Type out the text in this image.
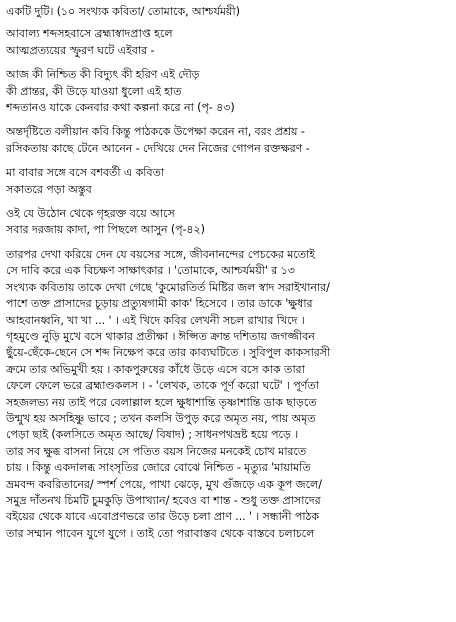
একটি দুটি। (১০ সংখ্যক কবিতা/ তোমাকে, আশ্চর্যময়ী)

আবাল্য শব্দসহবাসে ব্রহ্মাস্বাদপ্রাপ্ত হলে

আত্মপ্রত্যয়ের স্ফুরণ ঘটে এইবার -

আজ কী নিশ্চিত কী বিদ্যুৎ কী হরিণ এই দৌড়

কী প্রান্তর, কী উড়ে যাওয়া ধুলো এই হাত

শব্দতানও যাকে কেনবার কথা কল্পনা করে না (পৃ- ৪৩)

অন্তর্দৃষ্টিতে বলীয়ান কবি কিন্তু পাঠককে উপেক্ষা করেন না, বরং প্রশ্রয় -

রসিকতায় কাছে টেনে আনেন - দেখিয়ে দেন নিজের গোপন রক্তক্ষরণ -

মা বাবার সঙ্গে বসে বশবর্তী এ কবিতা

সকাতরে পড়া অস্তুব

ওই যে উঠোন থেকে গৃহরক্ত বয়ে আসে

সবার দরজায় কাদা, পা পিছলে আসুন (পৃ-৪২)

তারপর দেখা করিয়ে দেন যে বয়সের সঙ্গে, জীবনানন্দের পেচকের মতোই

সে দাবি করে এক বিচক্ষণ সাক্ষাৎকার । 'তোমাকে, আশ্চর্যময়ী' র ১৩

সংখ্যক কবিতায় তাকে দেখা গেছে 'কুমোরতির্ত মিষ্টির জল স্বাদ সরাইখানার/

পাশে তক্ত প্রাসাদের চূড়ায় প্রত্যুষগামী কাক' হিসেবে । তার ডাকে 'ক্ষুধার

আহবানধ্বনি, খা খা ... ' । এই খিদে কবির লেখনী সচল রাখার খিদে ।

গৃহমুণ্ডে নুড়ি মুখে বসে থাকার প্রতীক্ষা । ঈপ্সিত ক্রান্ত দশিতায় জগজ্জীবন

ছুঁয়ে-ছেঁকে-ছেনে সে শব্দ নিক্ষেপ করে তার কাব্যঘটিতে । সুবিপুল কাকসারসী

ক্রমে তার অভিমুখী হয় । কাকপুরুষের কাঁধে উড়ে এসে বসে কাক তারা

ফেলে ফেলে ভরে ব্রহ্মাণ্ডকলস । - 'লেখক, তাকে পূর্ণ করো ঘটে' । পূর্ণতা

সহজলভ্য নয় তাই পরে বেলাল্লাল হলে ক্ষুধাশান্তি তৃষ্ণাশান্তি ডাক ছাড়তে

উন্মুখ হয় অসহিষ্ণু ভাবে ; তখন কলসি উপুড় করে অমৃত নয়, পায় অমৃত

পেড়া ছাই (কলসিতে অমৃত আছে/ বিষাদ) ; সাধনপথভ্রষ্ট হয়ে পড়ে ।

তার সব ক্ষুব্ধ বাসনা নিয়ে সে পতিত বয়স নিজের মনকেই চোখ মারতে

চায় । কিন্তু একদালব্ধ সাংসৃতির জোরে বোঝে নিশ্চিত - মৃত্যুর 'মায়ামতি

ভ্রমবন্দ কবরিতানের/ স্পর্শ পেয়ে, পাখা ঝেড়ে, মুখ গুঁজড়ে এক কূপ জলে/

সমুদ্র দাঁতনখ চিমটি চুমকুড়ি উপাখ্যান/ হবেও বা শান্ত - শুধু তক্ত প্রাসাদের

বইয়ের থেকে যাবে এবোপ্রণভরে তার উড়ে চলা প্রাণ ... ' । সন্ধানী পাঠক

তার সম্মান পাবেন যুগে যুগে । তাই তো পরাবাস্তব থেকে বাস্তবে চলাচলে
